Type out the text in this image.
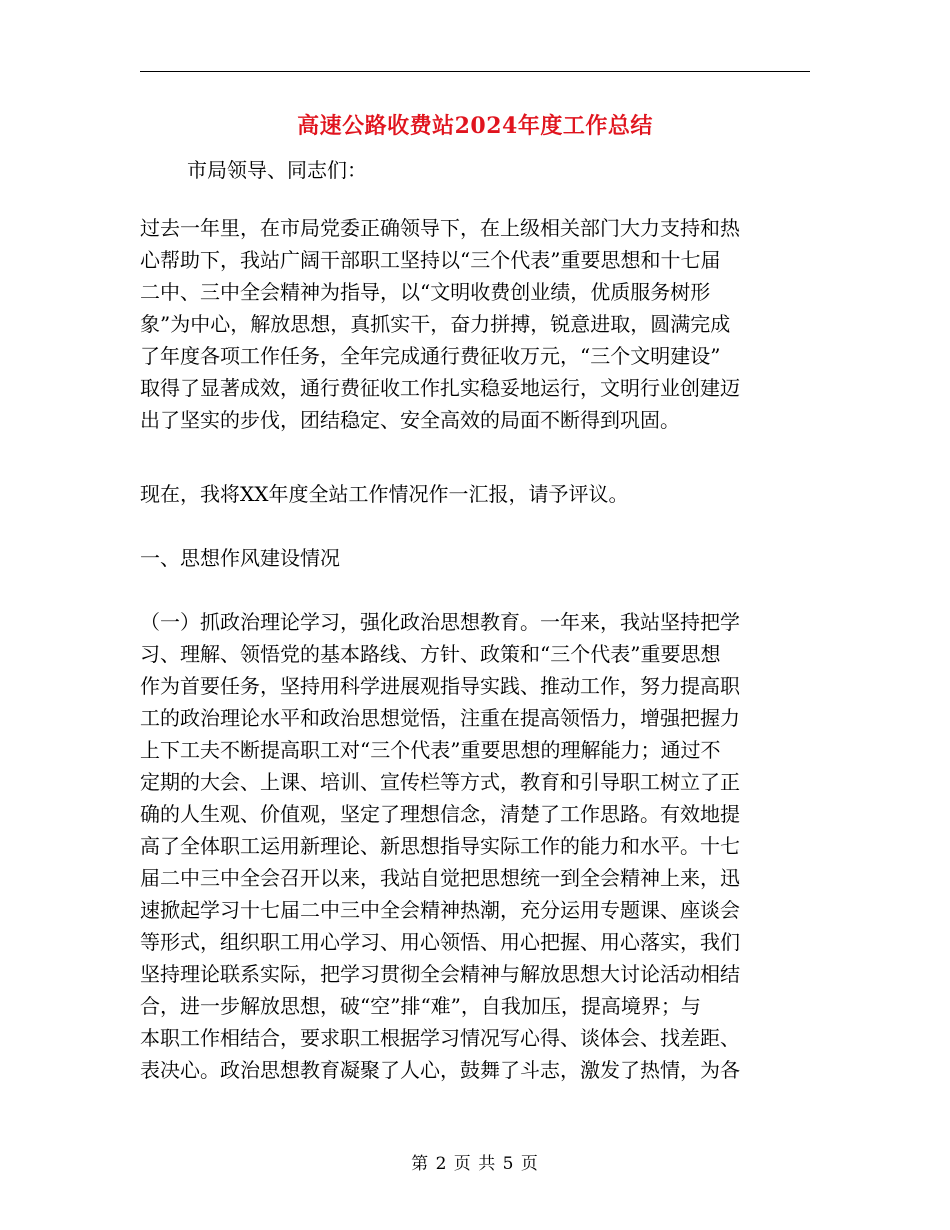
高速公路收费站2024年度工作总结
市局领导、同志们：
过去一年里，在市局党委正确领导下，在上级相关部门大力支持和热
心帮助下，我站广阔干部职工坚持以“三个代表”重要思想和十七届
二中、三中全会精神为指导，以“文明收费创业绩，优质服务树形
象”为中心，解放思想，真抓实干，奋力拼搏，锐意进取，圆满完成
了年度各项工作任务，全年完成通行费征收万元，“三个文明建设”
取得了显著成效，通行费征收工作扎实稳妥地运行，文明行业创建迈
出了坚实的步伐，团结稳定、安全高效的局面不断得到巩固。
现在，我将XX年度全站工作情况作一汇报，请予评议。
一、思想作风建设情况
（一）抓政治理论学习，强化政治思想教育。一年来，我站坚持把学
习、理解、领悟党的基本路线、方针、政策和“三个代表”重要思想
作为首要任务，坚持用科学进展观指导实践、推动工作，努力提高职
工的政治理论水平和政治思想觉悟，注重在提高领悟力，增强把握力
上下工夫不断提高职工对“三个代表”重要思想的理解能力；通过不
定期的大会、上课、培训、宣传栏等方式，教育和引导职工树立了正
确的人生观、价值观，坚定了理想信念，清楚了工作思路。有效地提
高了全体职工运用新理论、新思想指导实际工作的能力和水平。十七
届二中三中全会召开以来，我站自觉把思想统一到全会精神上来，迅
速掀起学习十七届二中三中全会精神热潮，充分运用专题课、座谈会
等形式，组织职工用心学习、用心领悟、用心把握、用心落实，我们
坚持理论联系实际，把学习贯彻全会精神与解放思想大讨论活动相结
合，进一步解放思想，破“空”排“难”，自我加压，提高境界；与
本职工作相结合，要求职工根据学习情况写心得、谈体会、找差距、
表决心。政治思想教育凝聚了人心，鼓舞了斗志，激发了热情，为各
第 2 页 共 5 页
